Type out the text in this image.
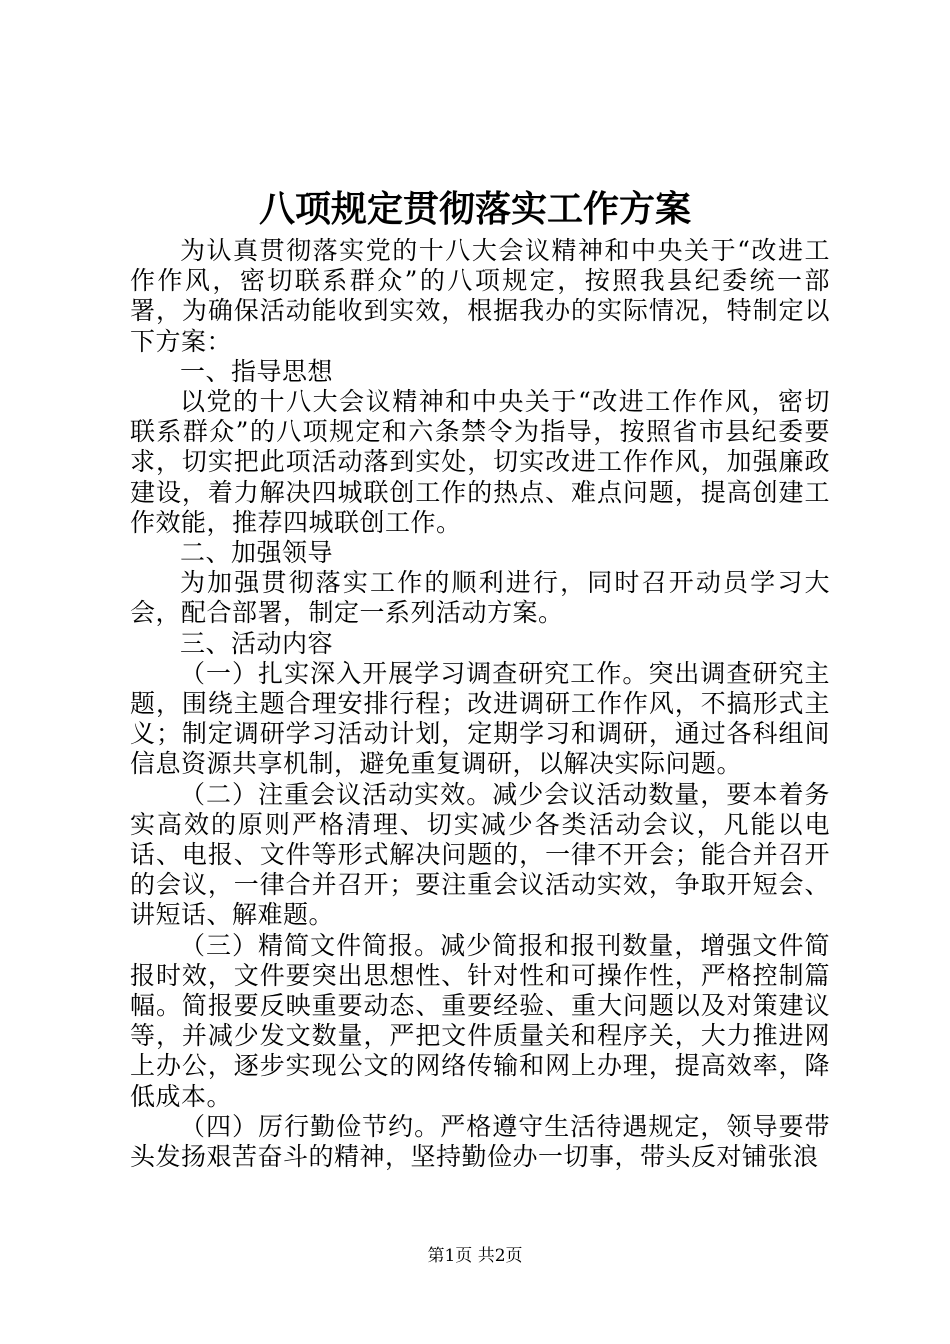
八项规定贯彻落实工作方案

为认真贯彻落实党的十八大会议精神和中央关于“改进工作作风，密切联系群众”的八项规定，按照我县纪委统一部署，为确保活动能收到实效，根据我办的实际情况，特制定以下方案：

一、指导思想

以党的十八大会议精神和中央关于“改进工作作风，密切联系群众”的八项规定和六条禁令为指导，按照省市县纪委要求，切实把此项活动落到实处，切实改进工作作风，加强廉政建设，着力解决四城联创工作的热点、难点问题，提高创建工作效能，推荐四城联创工作。

二、加强领导

为加强贯彻落实工作的顺利进行，同时召开动员学习大会，配合部署，制定一系列活动方案。

三、活动内容

（一）扎实深入开展学习调查研究工作。突出调查研究主题，围绕主题合理安排行程；改进调研工作作风，不搞形式主义；制定调研学习活动计划，定期学习和调研，通过各科组间信息资源共享机制，避免重复调研，以解决实际问题。

（二）注重会议活动实效。减少会议活动数量，要本着务实高效的原则严格清理、切实减少各类活动会议，凡能以电话、电报、文件等形式解决问题的，一律不开会；能合并召开的会议，一律合并召开；要注重会议活动实效，争取开短会、讲短话、解难题。

（三）精简文件简报。减少简报和报刊数量，增强文件简报时效，文件要突出思想性、针对性和可操作性，严格控制篇幅。简报要反映重要动态、重要经验、重大问题以及对策建议等，并减少发文数量，严把文件质量关和程序关，大力推进网上办公，逐步实现公文的网络传输和网上办理，提高效率，降低成本。

（四）厉行勤俭节约。严格遵守生活待遇规定，领导要带头发扬艰苦奋斗的精神，坚持勤俭办一切事，带头反对铺张浪

第1页 共2页
